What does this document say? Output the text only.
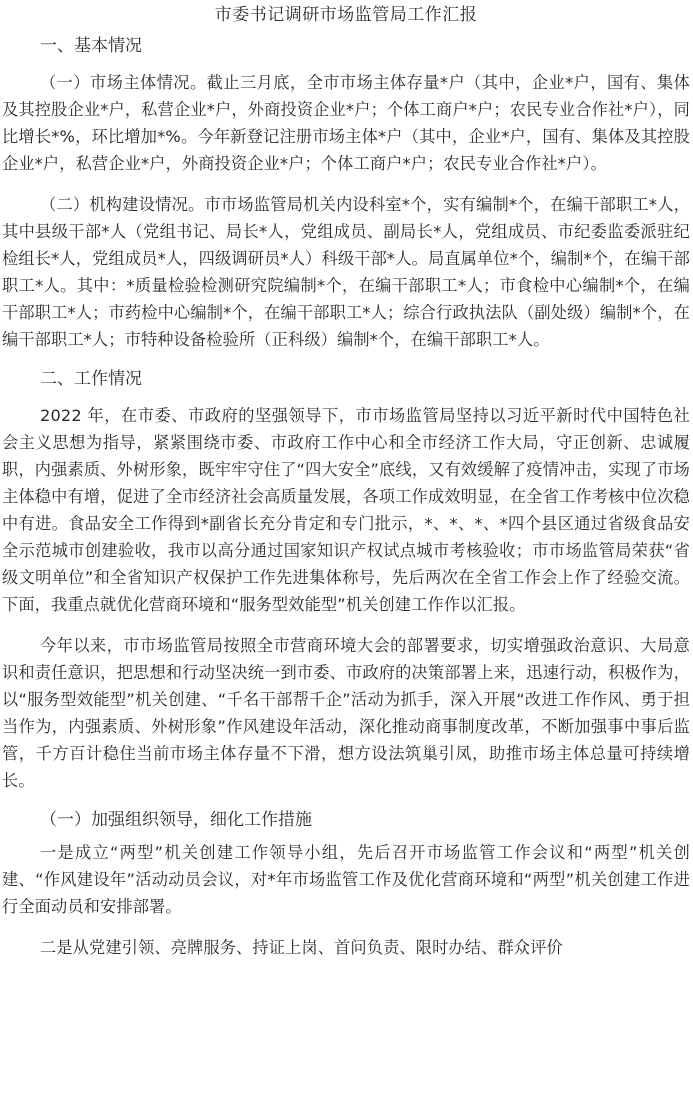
市委书记调研市场监管局工作汇报
一、基本情况

（一）市场主体情况。截止三月底，全市市场主体存量*户（其中，企业*户，国有、集体及其控股企业*户，私营企业*户，外商投资企业*户；个体工商户*户；农民专业合作社*户），同比增长*%，环比增加*%。今年新登记注册市场主体*户（其中，企业*户，国有、集体及其控股企业*户，私营企业*户，外商投资企业*户；个体工商户*户；农民专业合作社*户）。

（二）机构建设情况。市市场监管局机关内设科室*个，实有编制*个，在编干部职工*人，其中县级干部*人（党组书记、局长*人，党组成员、副局长*人，党组成员、市纪委监委派驻纪检组长*人，党组成员*人，四级调研员*人）科级干部*人。局直属单位*个，编制*个，在编干部职工*人。其中：*质量检验检测研究院编制*个，在编干部职工*人；市食检中心编制*个，在编干部职工*人；市药检中心编制*个，在编干部职工*人；综合行政执法队（副处级）编制*个，在编干部职工*人；市特种设备检验所（正科级）编制*个，在编干部职工*人。

二、工作情况

2022 年，在市委、市政府的坚强领导下，市市场监管局坚持以习近平新时代中国特色社会主义思想为指导，紧紧围绕市委、市政府工作中心和全市经济工作大局，守正创新、忠诚履职，内强素质、外树形象，既牢牢守住了“四大安全”底线，又有效缓解了疫情冲击，实现了市场主体稳中有增，促进了全市经济社会高质量发展，各项工作成效明显，在全省工作考核中位次稳中有进。食品安全工作得到*副省长充分肯定和专门批示，*、*、*、*四个县区通过省级食品安全示范城市创建验收，我市以高分通过国家知识产权试点城市考核验收；市市场监管局荣获“省级文明单位”和全省知识产权保护工作先进集体称号，先后两次在全省工作会上作了经验交流。下面，我重点就优化营商环境和“服务型效能型”机关创建工作作以汇报。

今年以来，市市场监管局按照全市营商环境大会的部署要求，切实增强政治意识、大局意识和责任意识，把思想和行动坚决统一到市委、市政府的决策部署上来，迅速行动，积极作为，以“服务型效能型”机关创建、“千名干部帮千企”活动为抓手，深入开展“改进工作作风、勇于担当作为，内强素质、外树形象”作风建设年活动，深化推动商事制度改革，不断加强事中事后监管，千方百计稳住当前市场主体存量不下滑，想方设法筑巢引凤，助推市场主体总量可持续增长。

（一）加强组织领导，细化工作措施

一是成立“两型”机关创建工作领导小组，先后召开市场监管工作会议和“两型”机关创建、“作风建设年”活动动员会议，对*年市场监管工作及优化营商环境和“两型”机关创建工作进行全面动员和安排部署。

二是从党建引领、亮牌服务、持证上岗、首问负责、限时办结、群众评价
